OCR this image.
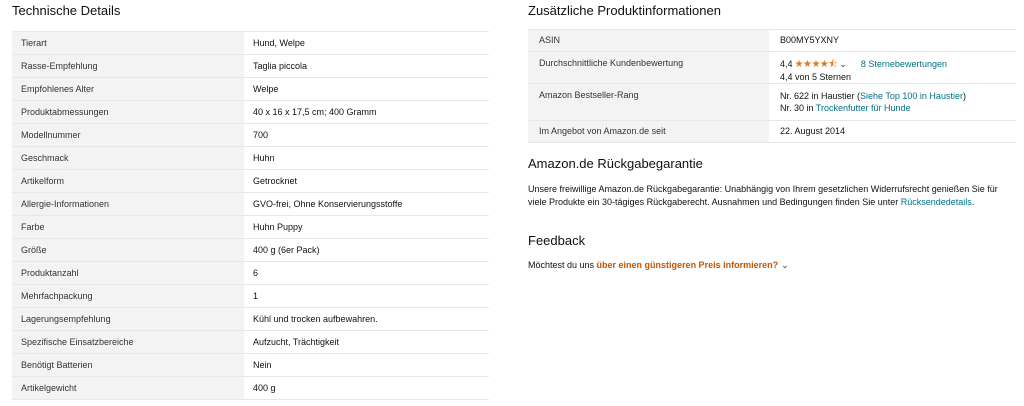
Technische Details
Tierart	Hund, Welpe
Rasse-Empfehlung	Taglia piccola
Empfohlenes Alter	Welpe
Produktabmessungen	40 x 16 x 17,5 cm; 400 Gramm
Modellnummer	700
Geschmack	Huhn
Artikelform	Getrocknet
Allergie-Informationen	GVO-frei, Ohne Konservierungsstoffe
Farbe	Huhn Puppy
Größe	400 g (6er Pack)
Produktanzahl	6
Mehrfachpackung	1
Lagerungsempfehlung	Kühl und trocken aufbewahren.
Spezifische Einsatzbereiche	Aufzucht, Trächtigkeit
Benötigt Batterien	Nein
Artikelgewicht	400 g
Zusätzliche Produktinformationen
ASIN	B00MY5YXNY
Durchschnittliche Kundenbewertung	4,4 ★★★★⯪ ⌄ 8 Sternebewertungen
4,4 von 5 Sternen

Amazon Bestseller-Rang	Nr. 622 in Haustier (Siehe Top 100 in Haustier)
Nr. 30 in Trockenfutter für Hunde

Im Angebot von Amazon.de seit	22. August 2014
Amazon.de Rückgabegarantie
Unsere freiwillige Amazon.de Rückgabegarantie: Unabhängig von Ihrem gesetzlichen Widerrufsrecht genießen Sie für viele Produkte ein 30-tägiges Rückgaberecht. Ausnahmen und Bedingungen finden Sie unter Rücksendedetails.
Feedback
Möchtest du uns über einen günstigeren Preis informieren? ⌄
